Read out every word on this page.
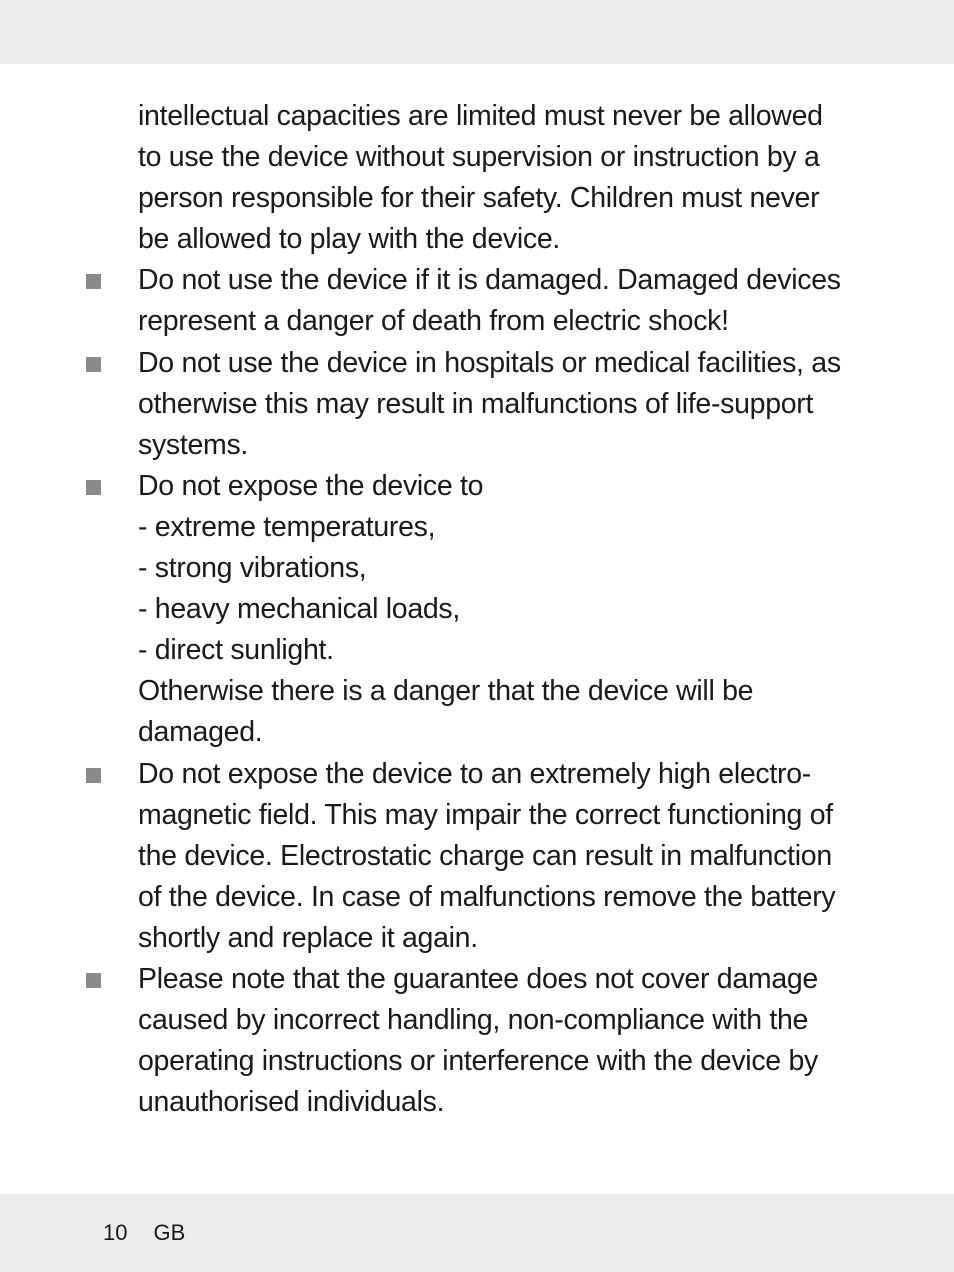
intellectual capacities are limited must never be allowed
to use the device without supervision or instruction by a
person responsible for their safety. Children must never
be allowed to play with the device.
Do not use the device if it is damaged. Damaged devices
represent a danger of death from electric shock!
Do not use the device in hospitals or medical facilities, as
otherwise this may result in malfunctions of life-support
systems.
Do not expose the device to
- extreme temperatures,
- strong vibrations,
- heavy mechanical loads,
- direct sunlight.
Otherwise there is a danger that the device will be
damaged.
Do not expose the device to an extremely high electro-
magnetic field. This may impair the correct functioning of
the device. Electrostatic charge can result in malfunction
of the device. In case of malfunctions remove the battery
shortly and replace it again.
Please note that the guarantee does not cover damage
caused by incorrect handling, non-compliance with the
operating instructions or interference with the device by
unauthorised individuals.
10 GB
